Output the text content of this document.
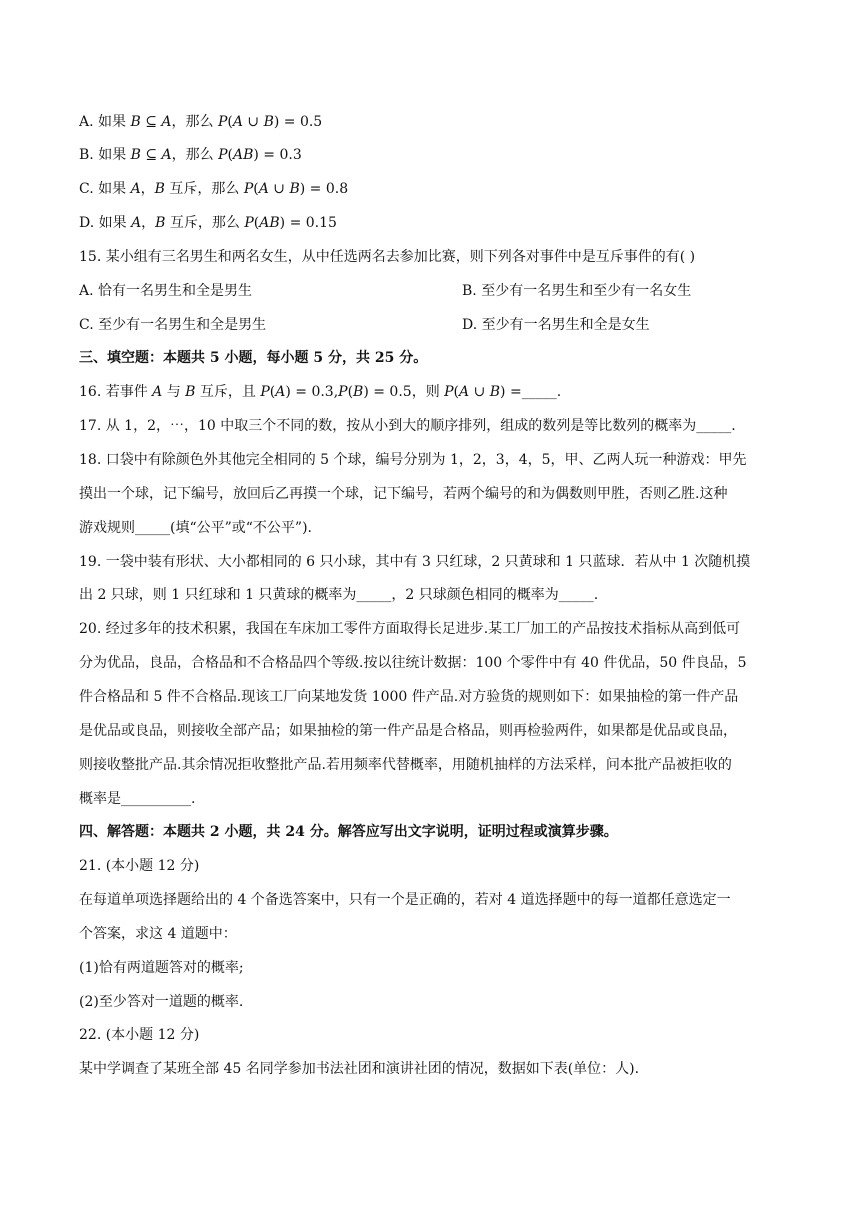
A. 如果 𝐵 ⊆ 𝐴，那么 𝑃(𝐴 ∪ 𝐵) = 0.5
B. 如果 𝐵 ⊆ 𝐴，那么 𝑃(𝐴𝐵) = 0.3
C. 如果 𝐴，𝐵 互斥，那么 𝑃(𝐴 ∪ 𝐵) = 0.8
D. 如果 𝐴，𝐵 互斥，那么 𝑃(𝐴𝐵) = 0.15
15. 某小组有三名男生和两名女生，从中任选两名去参加比赛，则下列各对事件中是互斥事件的有( )
A. 恰有一名男生和全是男生	B. 至少有一名男生和至少有一名女生
C. 至少有一名男生和全是男生	D. 至少有一名男生和全是女生
三、填空题：本题共 5 小题，每小题 5 分，共 25 分。
16. 若事件 𝐴 与 𝐵 互斥，且 𝑃(𝐴) = 0.3,𝑃(𝐵) = 0.5，则 𝑃(𝐴 ∪ 𝐵) =_____.
17. 从 1，2，⋯，10 中取三个不同的数，按从小到大的顺序排列，组成的数列是等比数列的概率为_____.
18. 口袋中有除颜色外其他完全相同的 5 个球，编号分别为 1，2，3，4，5，甲、乙两人玩一种游戏：甲先
摸出一个球，记下编号，放回后乙再摸一个球，记下编号，若两个编号的和为偶数则甲胜，否则乙胜.这种
游戏规则_____(填“公平”或“不公平”).
19. 一袋中装有形状、大小都相同的 6 只小球，其中有 3 只红球，2 只黄球和 1 只蓝球．若从中 1 次随机摸
出 2 只球，则 1 只红球和 1 只黄球的概率为_____，2 只球颜色相同的概率为_____.
20. 经过多年的技术积累，我国在车床加工零件方面取得长足进步.某工厂加工的产品按技术指标从高到低可
分为优品，良品，合格品和不合格品四个等级.按以往统计数据：100 个零件中有 40 件优品，50 件良品，5
件合格品和 5 件不合格品.现该工厂向某地发货 1000 件产品.对方验货的规则如下：如果抽检的第一件产品
是优品或良品，则接收全部产品；如果抽检的第一件产品是合格品，则再检验两件，如果都是优品或良品，
则接收整批产品.其余情况拒收整批产品.若用频率代替概率，用随机抽样的方法采样，问本批产品被拒收的
概率是__________.
四、解答题：本题共 2 小题，共 24 分。解答应写出文字说明，证明过程或演算步骤。
21. (本小题 12 分)
在每道单项选择题给出的 4 个备选答案中，只有一个是正确的，若对 4 道选择题中的每一道都任意选定一
个答案，求这 4 道题中：
(1)恰有两道题答对的概率;
(2)至少答对一道题的概率.
22. (本小题 12 分)
某中学调查了某班全部 45 名同学参加书法社团和演讲社团的情况，数据如下表(单位：人).
